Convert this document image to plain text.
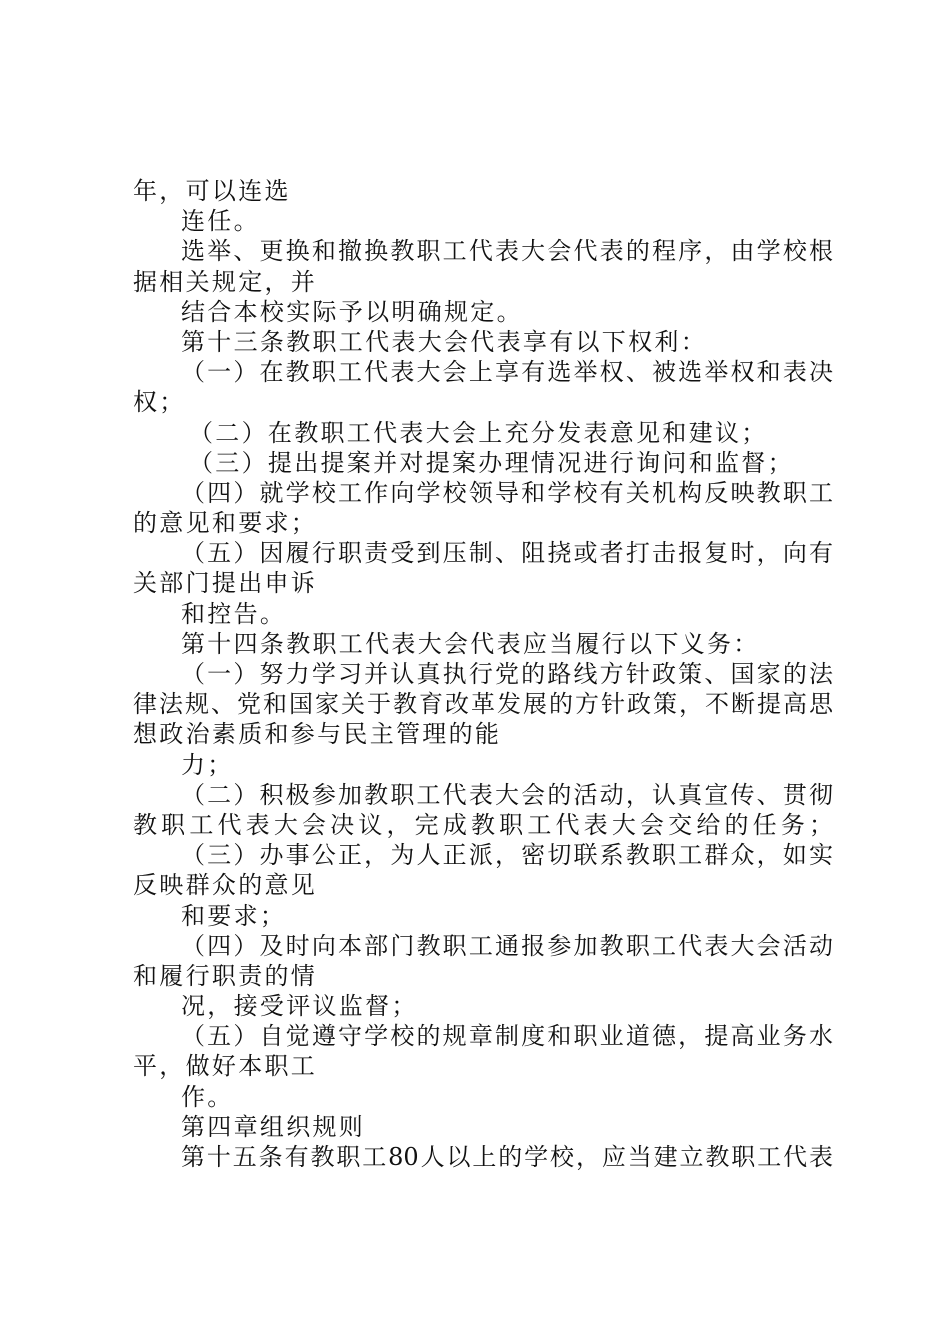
年，可以连选
连任。
选举、更换和撤换教职工代表大会代表的程序，由学校根
据相关规定，并
结合本校实际予以明确规定。
第十三条教职工代表大会代表享有以下权利：
（一）在教职工代表大会上享有选举权、被选举权和表决
权；
（二）在教职工代表大会上充分发表意见和建议；
（三）提出提案并对提案办理情况进行询问和监督；
（四）就学校工作向学校领导和学校有关机构反映教职工
的意见和要求；
（五）因履行职责受到压制、阻挠或者打击报复时，向有
关部门提出申诉
和控告。
第十四条教职工代表大会代表应当履行以下义务：
（一）努力学习并认真执行党的路线方针政策、国家的法
律法规、党和国家关于教育改革发展的方针政策，不断提高思
想政治素质和参与民主管理的能
力；
（二）积极参加教职工代表大会的活动，认真宣传、贯彻
教职工代表大会决议，完成教职工代表大会交给的任务；
（三）办事公正，为人正派，密切联系教职工群众，如实
反映群众的意见
和要求；
（四）及时向本部门教职工通报参加教职工代表大会活动
和履行职责的情
况，接受评议监督；
（五）自觉遵守学校的规章制度和职业道德，提高业务水
平，做好本职工
作。
第四章组织规则
第十五条有教职工80人以上的学校，应当建立教职工代表
